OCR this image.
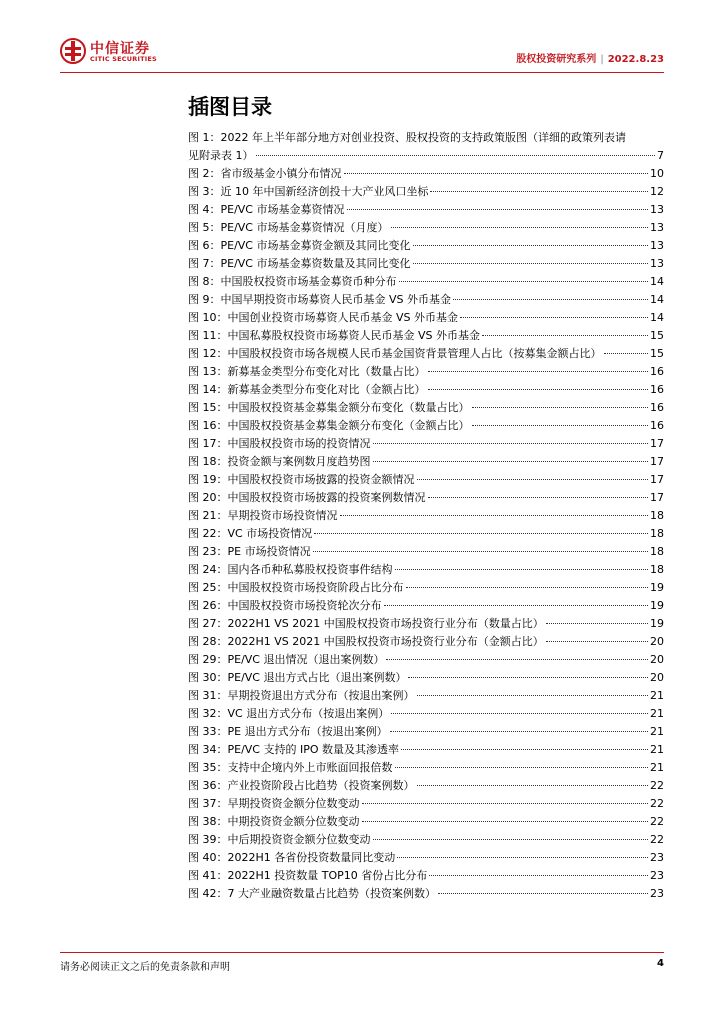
中信证券
CITIC SECURITIES	股权投资研究系列 | 2022.8.23
插图目录
图 1：2022 年上半年部分地方对创业投资、股权投资的支持政策版图（详细的政策列表请
见附录表 1）	7
图 2：省市级基金小镇分布情况	10
图 3：近 10 年中国新经济创投十大产业风口坐标	12
图 4：PE/VC 市场基金募资情况	13
图 5：PE/VC 市场基金募资情况（月度）	13
图 6：PE/VC 市场基金募资金额及其同比变化	13
图 7：PE/VC 市场基金募资数量及其同比变化	13
图 8：中国股权投资市场基金募资币种分布	14
图 9：中国早期投资市场募资人民币基金 VS 外币基金	14
图 10：中国创业投资市场募资人民币基金 VS 外币基金	14
图 11：中国私募股权投资市场募资人民币基金 VS 外币基金	15
图 12：中国股权投资市场各规模人民币基金国资背景管理人占比（按募集金额占比）	15
图 13：新募基金类型分布变化对比（数量占比）	16
图 14：新募基金类型分布变化对比（金额占比）	16
图 15：中国股权投资基金募集金额分布变化（数量占比）	16
图 16：中国股权投资基金募集金额分布变化（金额占比）	16
图 17：中国股权投资市场的投资情况	17
图 18：投资金额与案例数月度趋势图	17
图 19：中国股权投资市场披露的投资金额情况	17
图 20：中国股权投资市场披露的投资案例数情况	17
图 21：早期投资市场投资情况	18
图 22：VC 市场投资情况	18
图 23：PE 市场投资情况	18
图 24：国内各币种私募股权投资事件结构	18
图 25：中国股权投资市场投资阶段占比分布	19
图 26：中国股权投资市场投资轮次分布	19
图 27：2022H1 VS 2021 中国股权投资市场投资行业分布（数量占比）	19
图 28：2022H1 VS 2021 中国股权投资市场投资行业分布（金额占比）	20
图 29：PE/VC 退出情况（退出案例数）	20
图 30：PE/VC 退出方式占比（退出案例数）	20
图 31：早期投资退出方式分布（按退出案例）	21
图 32：VC 退出方式分布（按退出案例）	21
图 33：PE 退出方式分布（按退出案例）	21
图 34：PE/VC 支持的 IPO 数量及其渗透率	21
图 35：支持中企境内外上市账面回报倍数	21
图 36：产业投资阶段占比趋势（投资案例数）	22
图 37：早期投资资金额分位数变动	22
图 38：中期投资资金额分位数变动	22
图 39：中后期投资资金额分位数变动	22
图 40：2022H1 各省份投资数量同比变动	23
图 41：2022H1 投资数量 TOP10 省份占比分布	23
图 42：7 大产业融资数量占比趋势（投资案例数）	23
请务必阅读正文之后的免责条款和声明	4
